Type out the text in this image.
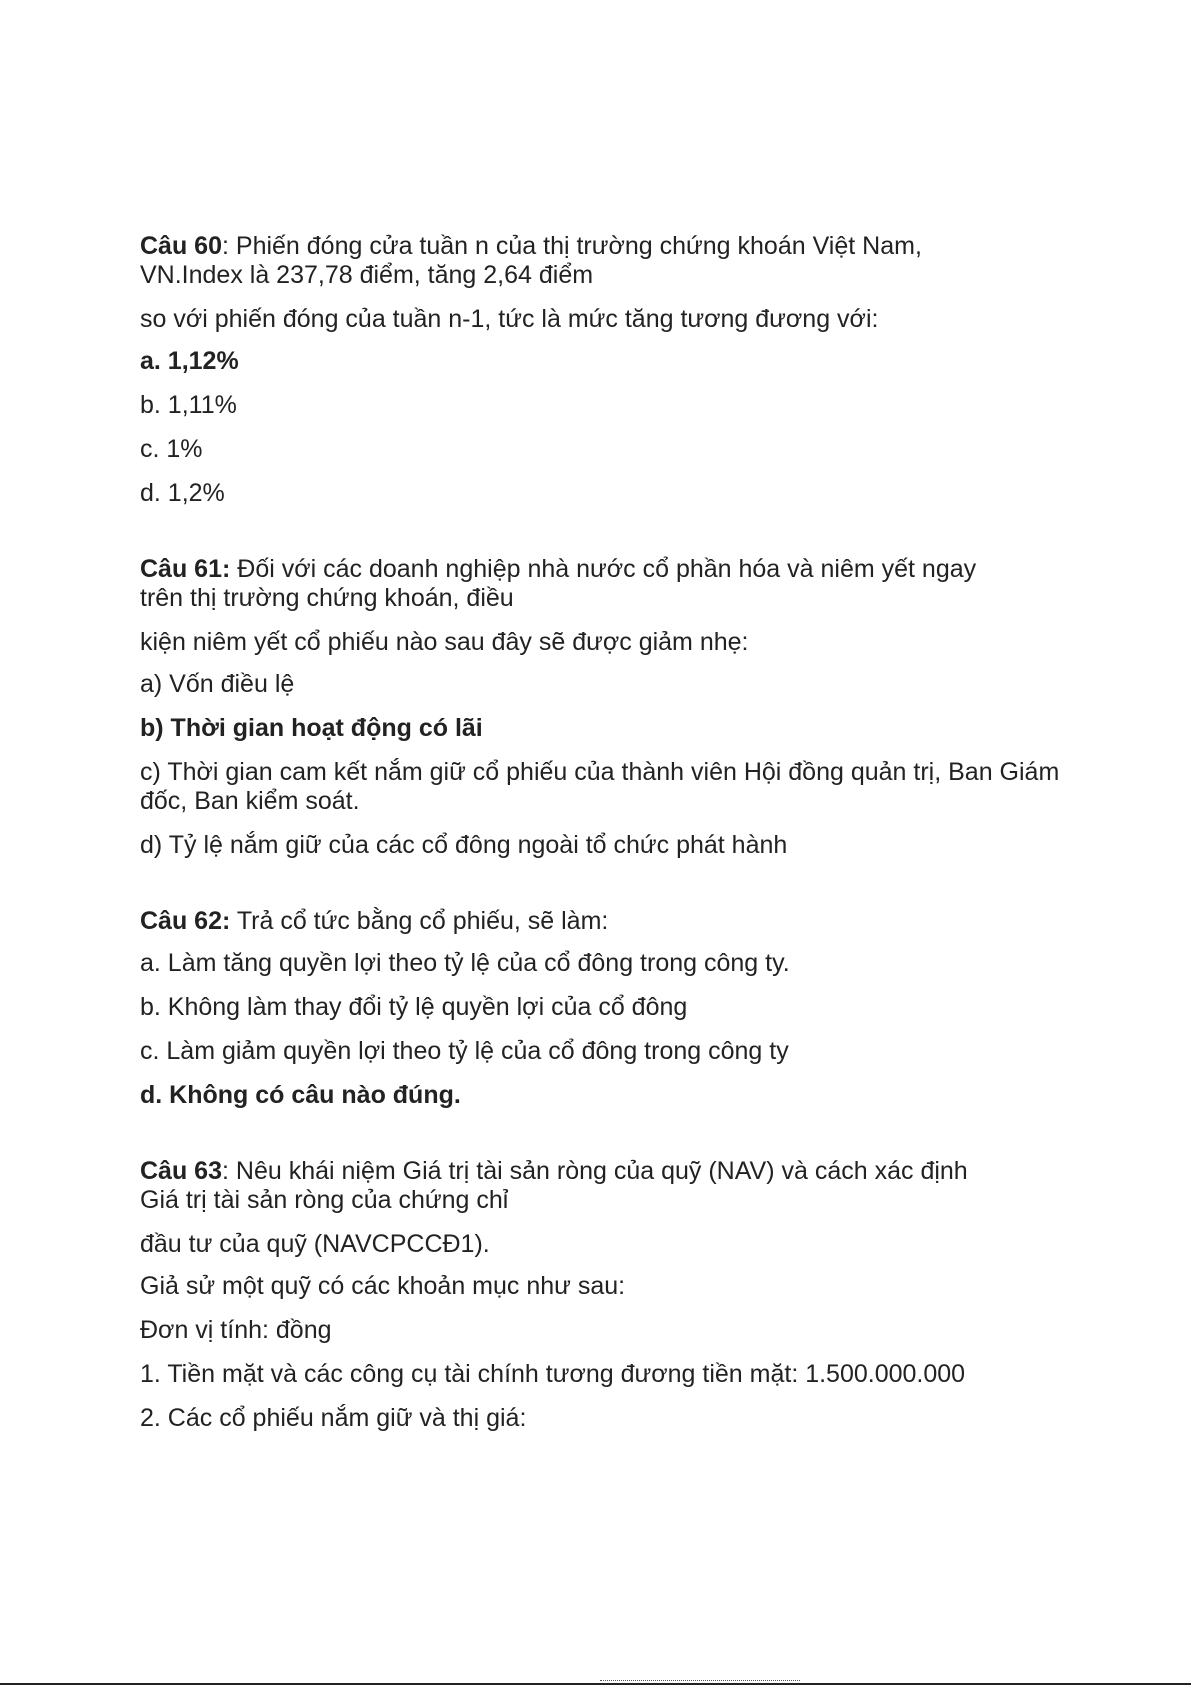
Câu 60: Phiến đóng cửa tuần n của thị trường chứng khoán Việt Nam,
VN.Index là 237,78 điểm, tăng 2,64 điểm
so với phiến đóng của tuần n-1, tức là mức tăng tương đương với:
a. 1,12%
b. 1,11%
c. 1%
d. 1,2%
Câu 61: Đối với các doanh nghiệp nhà nước cổ phần hóa và niêm yết ngay
trên thị trường chứng khoán, điều
kiện niêm yết cổ phiếu nào sau đây sẽ được giảm nhẹ:
a) Vốn điều lệ
b) Thời gian hoạt động có lãi
c) Thời gian cam kết nắm giữ cổ phiếu của thành viên Hội đồng quản trị, Ban Giám đốc, Ban kiểm soát.
d) Tỷ lệ nắm giữ của các cổ đông ngoài tổ chức phát hành
Câu 62: Trả cổ tức bằng cổ phiếu, sẽ làm:
a. Làm tăng quyền lợi theo tỷ lệ của cổ đông trong công ty.
b. Không làm thay đổi tỷ lệ quyền lợi của cổ đông
c. Làm giảm quyền lợi theo tỷ lệ của cổ đông trong công ty
d. Không có câu nào đúng.
Câu 63: Nêu khái niệm Giá trị tài sản ròng của quỹ (NAV) và cách xác định
Giá trị tài sản ròng của chứng chỉ
đầu tư của quỹ (NAVCPCCĐ1).
Giả sử một quỹ có các khoản mục như sau:
Đơn vị tính: đồng
1. Tiền mặt và các công cụ tài chính tương đương tiền mặt: 1.500.000.000
2. Các cổ phiếu nắm giữ và thị giá:
